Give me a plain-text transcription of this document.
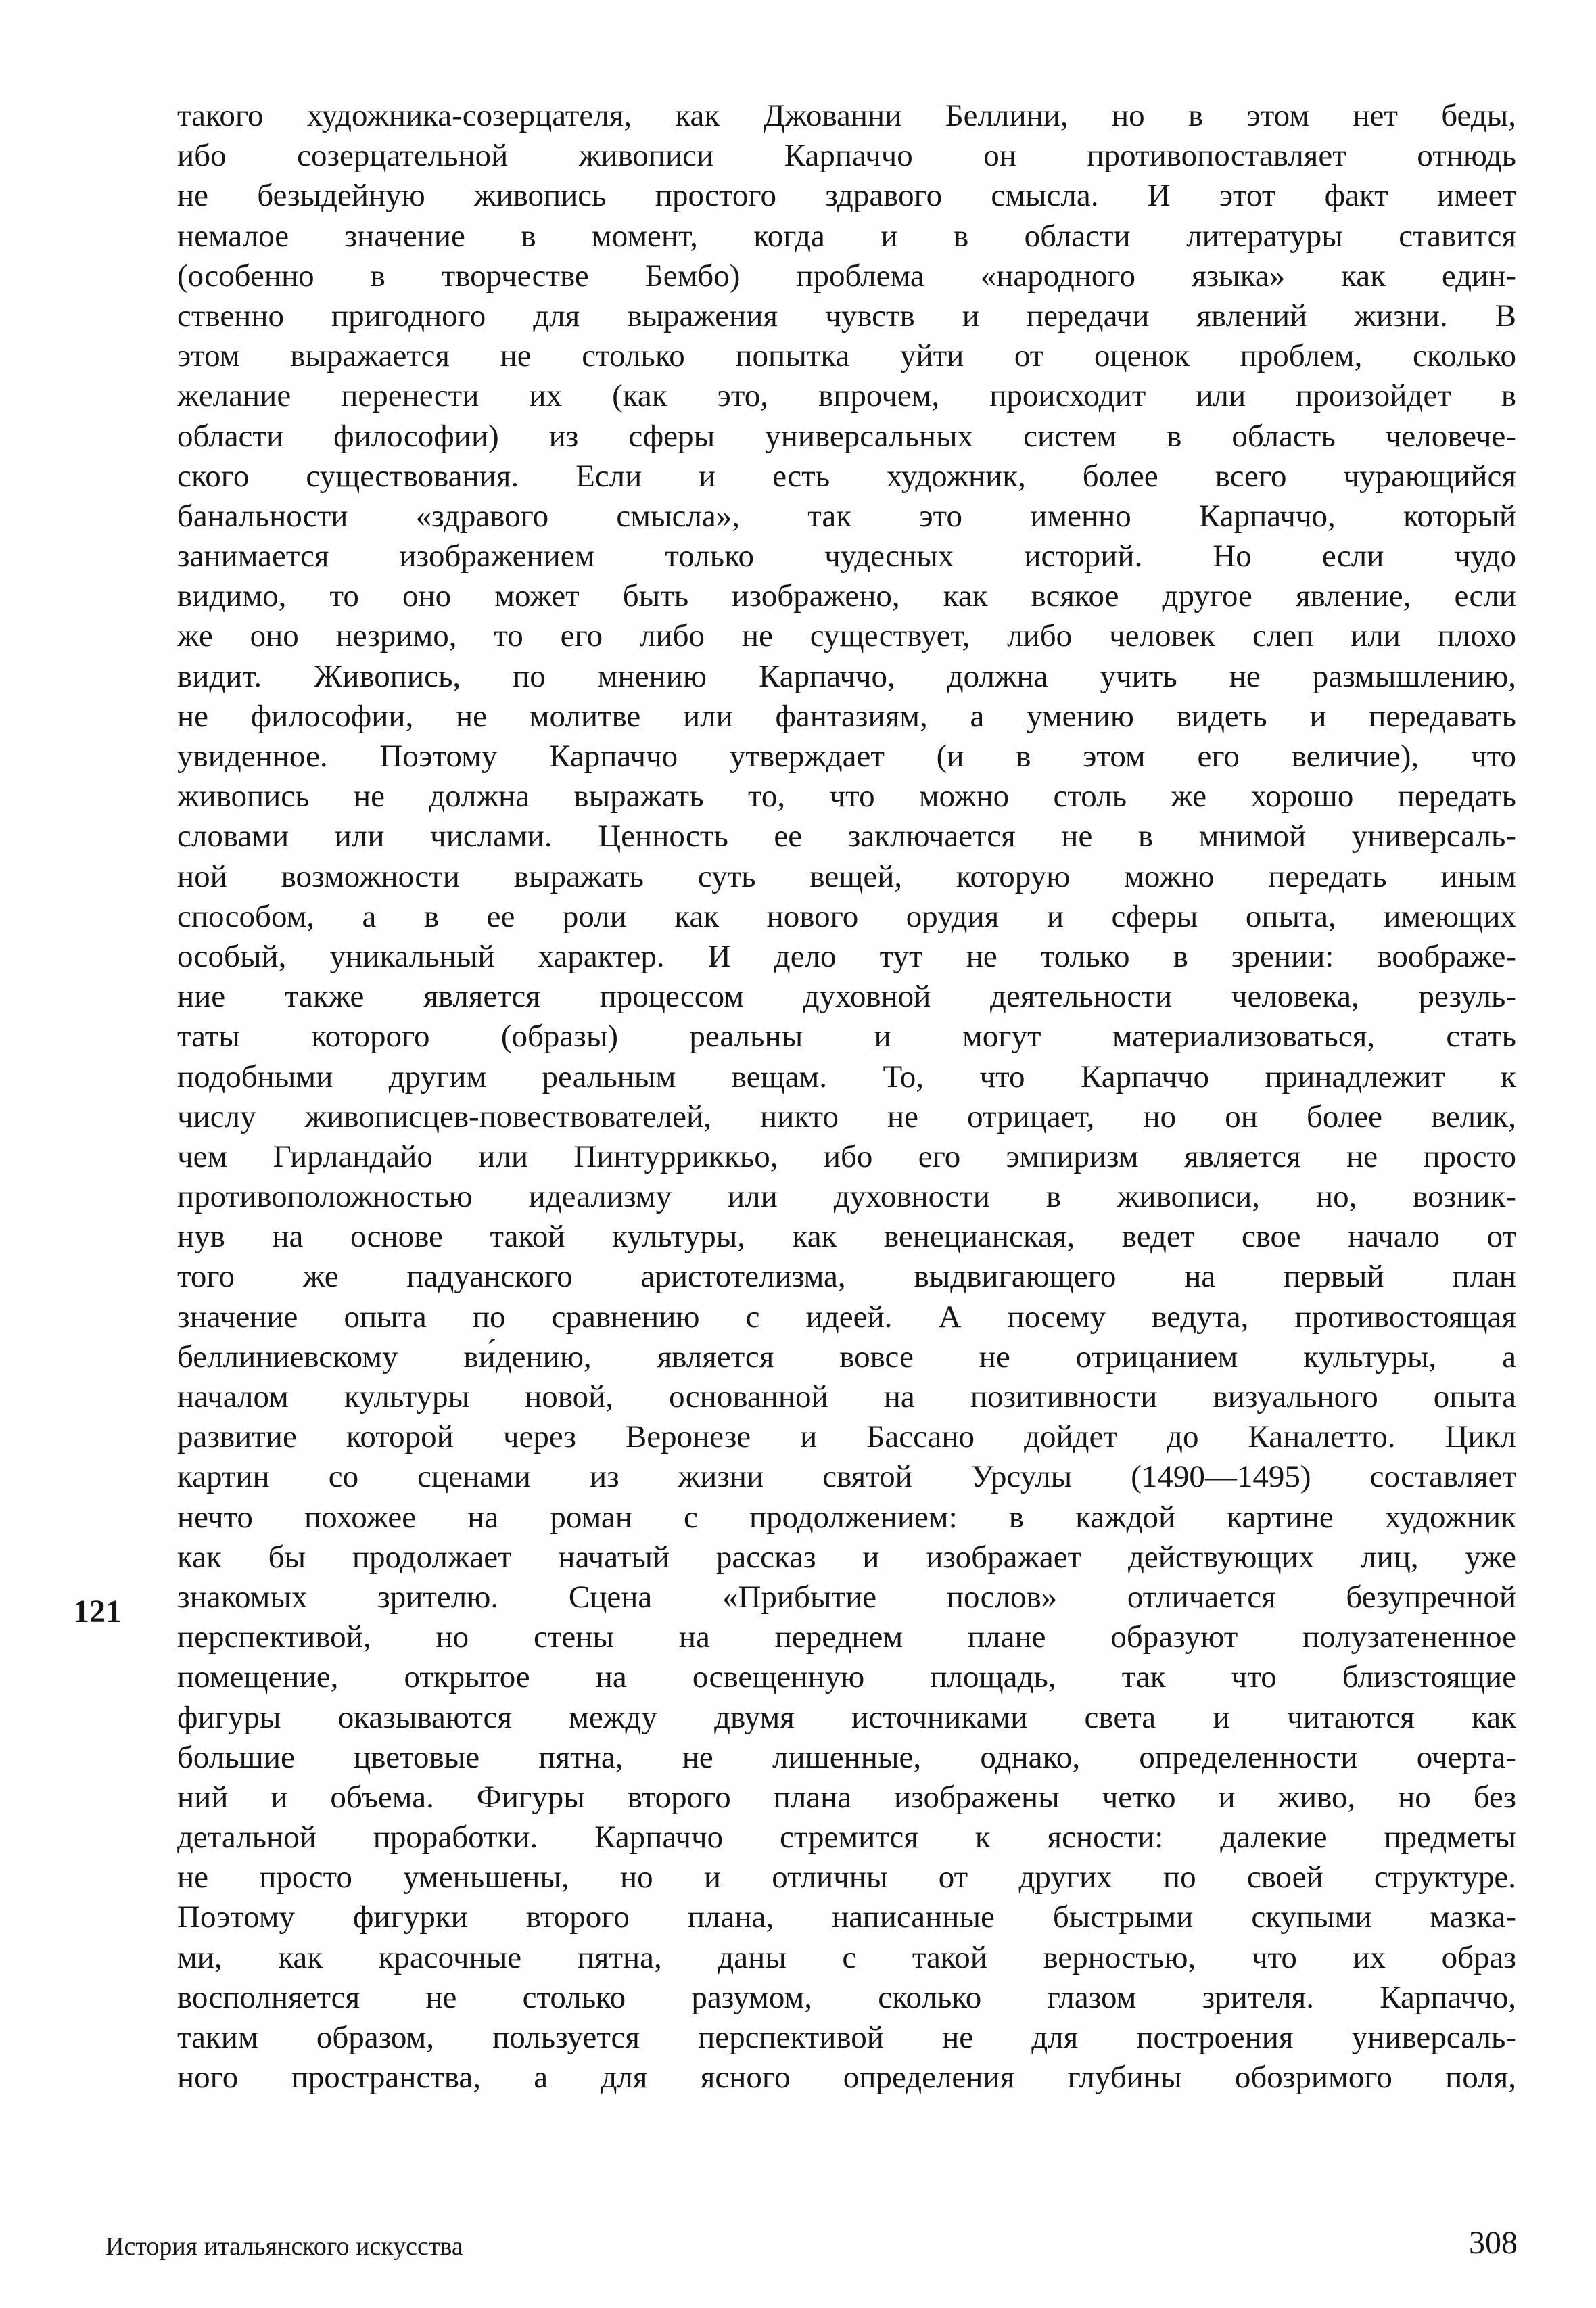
такого художника-созерцателя, как Джованни Беллини, но в этом нет беды,
ибо созерцательной живописи Карпаччо он противопоставляет отнюдь
не безыдейную живопись простого здравого смысла. И этот факт имеет
немалое значение в момент, когда и в области литературы ставится
(особенно в творчестве Бембо) проблема «народного языка» как един-
ственно пригодного для выражения чувств и передачи явлений жизни. В
этом выражается не столько попытка уйти от оценок проблем, сколько
желание перенести их (как это, впрочем, происходит или произойдет в
области философии) из сферы универсальных систем в область человече-
ского существования. Если и есть художник, более всего чурающийся
банальности «здравого смысла», так это именно Карпаччо, который
занимается изображением только чудесных историй. Но если чудо
видимо, то оно может быть изображено, как всякое другое явление, если
же оно незримо, то его либо не существует, либо человек слеп или плохо
видит. Живопись, по мнению Карпаччо, должна учить не размышлению,
не философии, не молитве или фантазиям, а умению видеть и передавать
увиденное. Поэтому Карпаччо утверждает (и в этом его величие), что
живопись не должна выражать то, что можно столь же хорошо передать
словами или числами. Ценность ее заключается не в мнимой универсаль-
ной возможности выражать суть вещей, которую можно передать иным
способом, а в ее роли как нового орудия и сферы опыта, имеющих
особый, уникальный характер. И дело тут не только в зрении: воображе-
ние также является процессом духовной деятельности человека, резуль-
таты которого (образы) реальны и могут материализоваться, стать
подобными другим реальным вещам. То, что Карпаччо принадлежит к
числу живописцев-повествователей, никто не отрицает, но он более велик,
чем Гирландайо или Пинтурриккьо, ибо его эмпиризм является не просто
противоположностью идеализму или духовности в живописи, но, возник-
нув на основе такой культуры, как венецианская, ведет свое начало от
того же падуанского аристотелизма, выдвигающего на первый план
значение опыта по сравнению с идеей. А посему ведута, противостоящая
беллиниевскому ви́дению, является вовсе не отрицанием культуры, а
началом культуры новой, основанной на позитивности визуального опыта
развитие которой через Веронезе и Бассано дойдет до Каналетто. Цикл
картин со сценами из жизни святой Урсулы (1490—1495) составляет
нечто похожее на роман с продолжением: в каждой картине художник
как бы продолжает начатый рассказ и изображает действующих лиц, уже
знакомых зрителю. Сцена «Прибытие послов» отличается безупречной
перспективой, но стены на переднем плане образуют полузатененное
помещение, открытое на освещенную площадь, так что близстоящие
фигуры оказываются между двумя источниками света и читаются как
большие цветовые пятна, не лишенные, однако, определенности очерта-
ний и объема. Фигуры второго плана изображены четко и живо, но без
детальной проработки. Карпаччо стремится к ясности: далекие предметы
не просто уменьшены, но и отличны от других по своей структуре.
Поэтому фигурки второго плана, написанные быстрыми скупыми мазка-
ми, как красочные пятна, даны с такой верностью, что их образ
восполняется не столько разумом, сколько глазом зрителя. Карпаччо,
таким образом, пользуется перспективой не для построения универсаль-
ного пространства, а для ясного определения глубины обозримого поля,
121
История итальянского искусства	308
